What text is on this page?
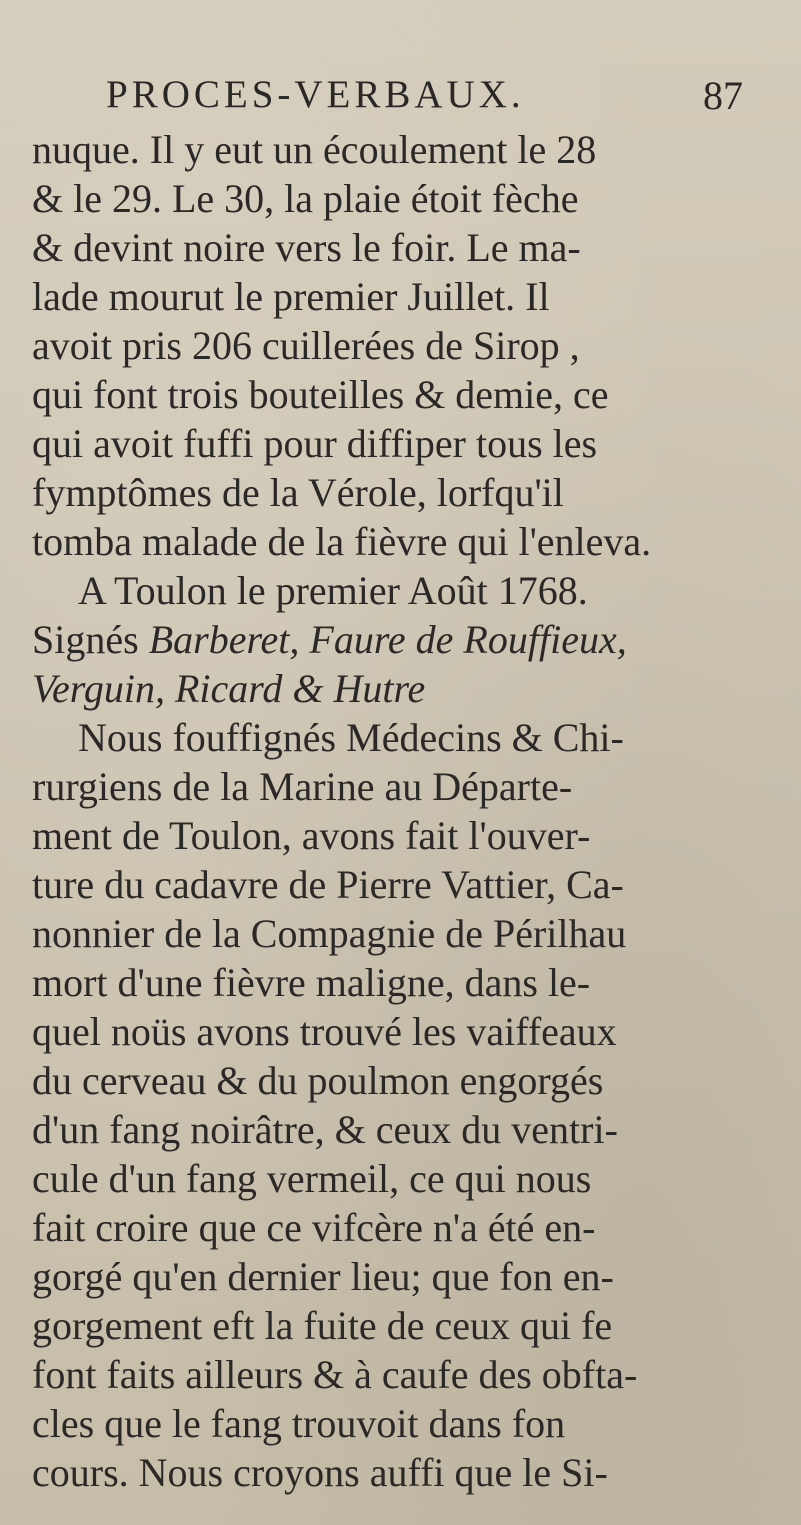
PROCES-VERBAUX.	87
nuque. Il y eut un écoulement le 28
& le 29. Le 30, la plaie étoit fèche
& devint noire vers le foir. Le ma-
lade mourut le premier Juillet. Il
avoit pris 206 cuillerées de Sirop ,
qui font trois bouteilles & demie, ce
qui avoit fuffi pour diffiper tous les
fymptômes de la Vérole, lorfqu'il
tomba malade de la fièvre qui l'enleva.
A Toulon le premier Août 1768.
Signés Barberet, Faure de Rouffieux,
Verguin, Ricard & Hutre
Nous fouffignés Médecins & Chi-
rurgiens de la Marine au Départe-
ment de Toulon, avons fait l'ouver-
ture du cadavre de Pierre Vattier, Ca-
nonnier de la Compagnie de Périlhau
mort d'une fièvre maligne, dans le-
quel noüs avons trouvé les vaiffeaux
du cerveau & du poulmon engorgés
d'un fang noirâtre, & ceux du ventri-
cule d'un fang vermeil, ce qui nous
fait croire que ce vifcère n'a été en-
gorgé qu'en dernier lieu; que fon en-
gorgement eft la fuite de ceux qui fe
font faits ailleurs & à caufe des obfta-
cles que le fang trouvoit dans fon
cours. Nous croyons auffi que le Si-
